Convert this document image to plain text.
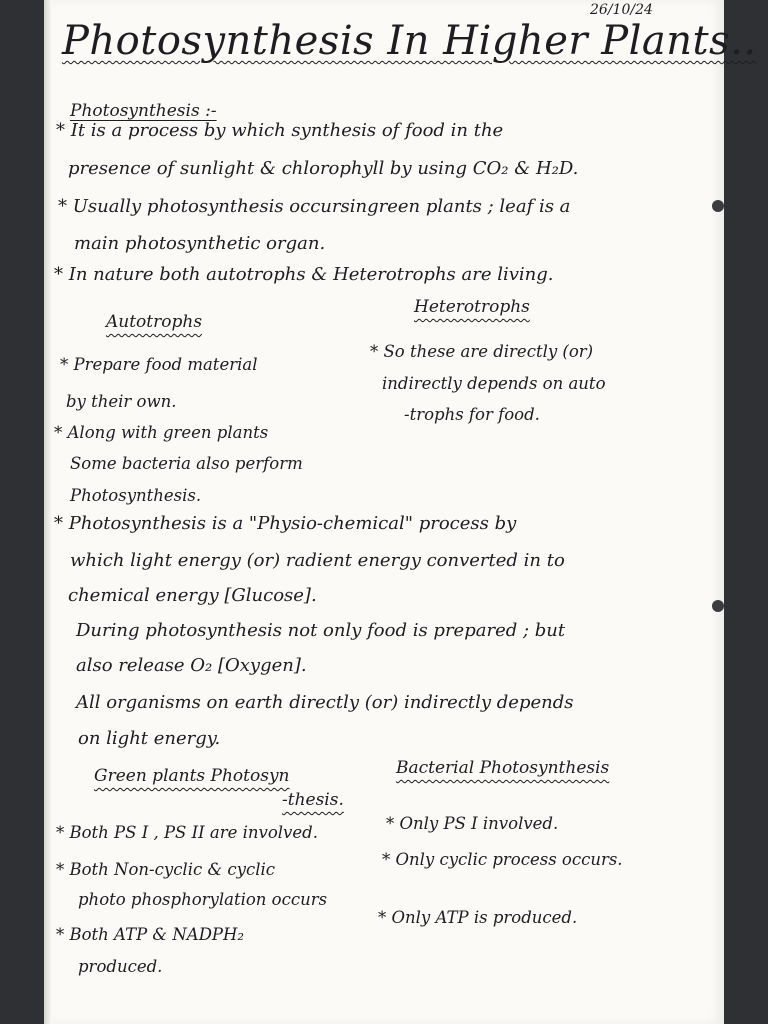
26/10/24
Photosynthesis In Higher Plants..
Photosynthesis :-
* It is a process by which synthesis of food in the
presence of sunlight & chlorophyll by using CO₂ & H₂D.
* Usually photosynthesis occursingreen plants ; leaf is a
main photosynthetic organ.
* In nature both autotrophs & Heterotrophs are living.
Autotrophs
Heterotrophs
* Prepare food material
by their own.
* Along with green plants
Some bacteria also perform
Photosynthesis.
* So these are directly (or)
indirectly depends on auto
-trophs for food.
* Photosynthesis is a "Physio-chemical" process by
which light energy (or) radient energy converted in to
chemical energy [Glucose].
During photosynthesis not only food is prepared ; but
also release O₂ [Oxygen].
All organisms on earth directly (or) indirectly depends
on light energy.
Green plants Photosyn
-thesis.
Bacterial Photosynthesis
* Both PS I , PS II are involved.
* Both Non-cyclic & cyclic
photo phosphorylation occurs
* Both ATP & NADPH₂
produced.
* Only PS I involved.
* Only cyclic process occurs.
* Only ATP is produced.
